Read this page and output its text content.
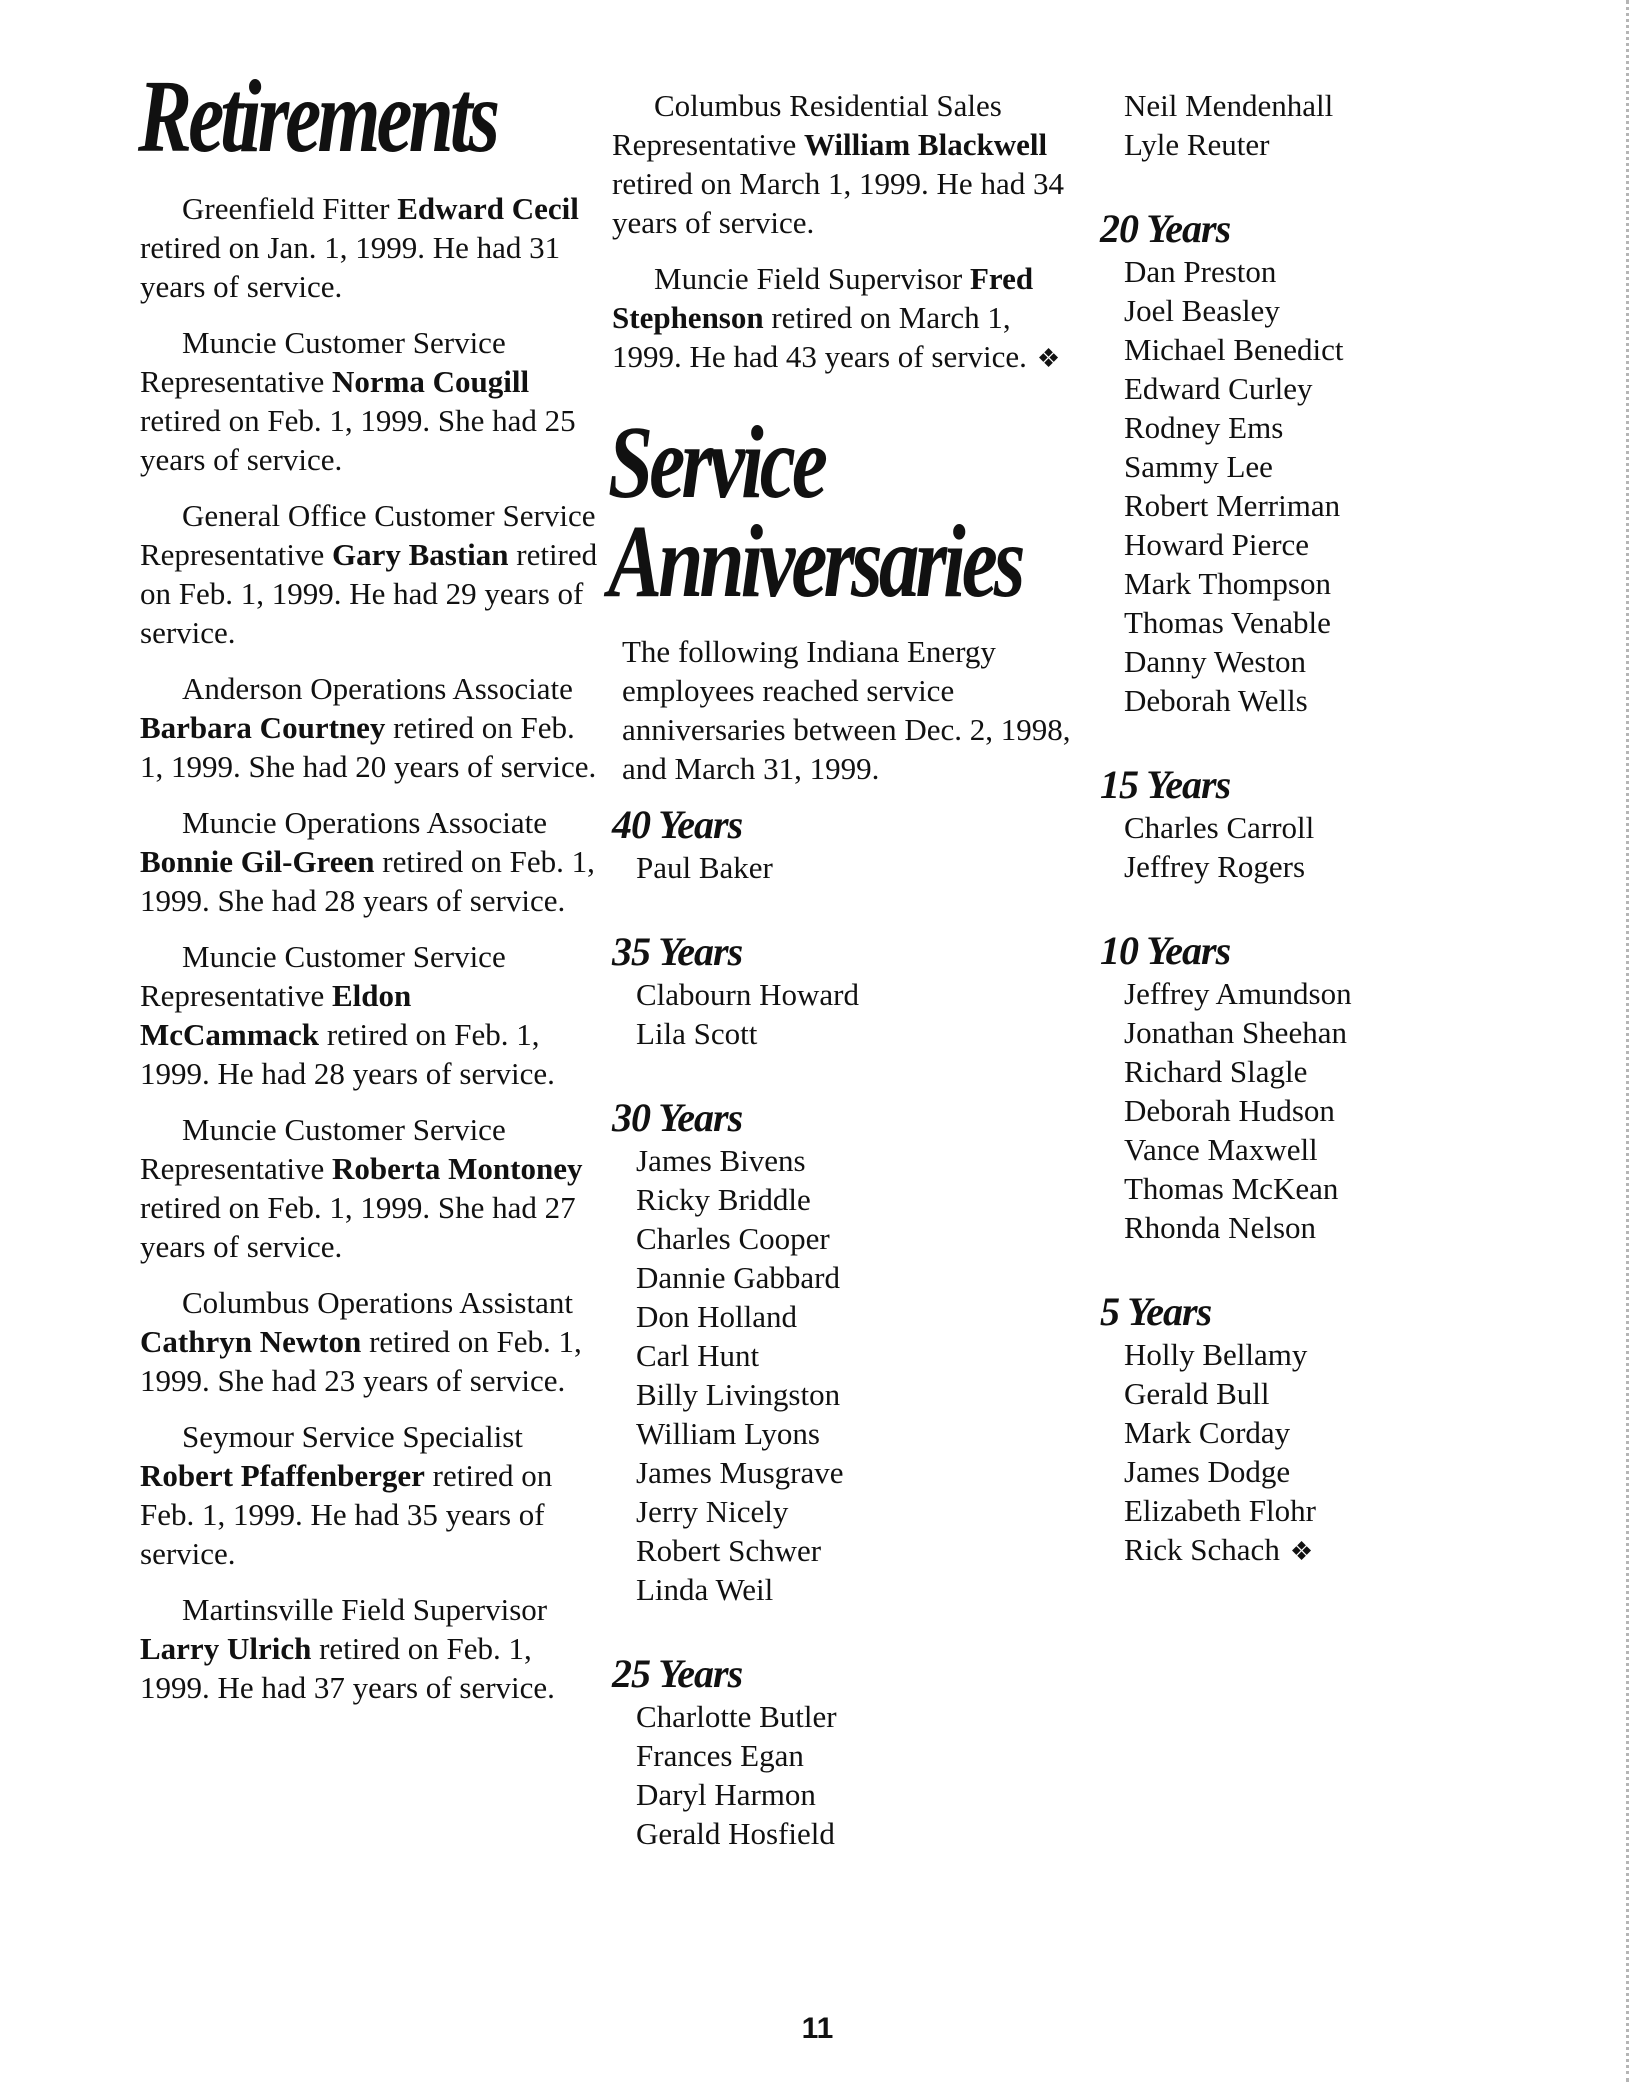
Retirements

Greenfield Fitter Edward Cecil retired on Jan. 1, 1999. He had 31 years of service.

Muncie Customer Service Representative Norma Cougill retired on Feb. 1, 1999. She had 25 years of service.

General Office Customer Service Representative Gary Bastian retired on Feb. 1, 1999. He had 29 years of service.

Anderson Operations Associate Barbara Courtney retired on Feb. 1, 1999. She had 20 years of service.

Muncie Operations Associate Bonnie Gil-Green retired on Feb. 1, 1999. She had 28 years of service.

Muncie Customer Service Representative Eldon McCammack retired on Feb. 1, 1999. He had 28 years of service.

Muncie Customer Service Representative Roberta Montoney retired on Feb. 1, 1999. She had 27 years of service.

Columbus Operations Assistant Cathryn Newton retired on Feb. 1, 1999. She had 23 years of service.

Seymour Service Specialist Robert Pfaffenberger retired on Feb. 1, 1999. He had 35 years of service.

Martinsville Field Supervisor Larry Ulrich retired on Feb. 1, 1999. He had 37 years of service.

Columbus Residential Sales Representative William Blackwell retired on March 1, 1999. He had 34 years of service.

Muncie Field Supervisor Fred Stephenson retired on March 1, 1999. He had 43 years of service. ❖

Service
Anniversaries

The following Indiana Energy employees reached service anniversaries between Dec. 2, 1998, and March 31, 1999.

40 Years
Paul Baker
35 Years
Clabourn Howard
Lila Scott
30 Years
James Bivens
Ricky Briddle
Charles Cooper
Dannie Gabbard
Don Holland
Carl Hunt
Billy Livingston
William Lyons
James Musgrave
Jerry Nicely
Robert Schwer
Linda Weil
25 Years
Charlotte Butler
Frances Egan
Daryl Harmon
Gerald Hosfield
Neil Mendenhall
Lyle Reuter
20 Years
Dan Preston
Joel Beasley
Michael Benedict
Edward Curley
Rodney Ems
Sammy Lee
Robert Merriman
Howard Pierce
Mark Thompson
Thomas Venable
Danny Weston
Deborah Wells
15 Years
Charles Carroll
Jeffrey Rogers
10 Years
Jeffrey Amundson
Jonathan Sheehan
Richard Slagle
Deborah Hudson
Vance Maxwell
Thomas McKean
Rhonda Nelson
5 Years
Holly Bellamy
Gerald Bull
Mark Corday
James Dodge
Elizabeth Flohr
Rick Schach ❖
11
